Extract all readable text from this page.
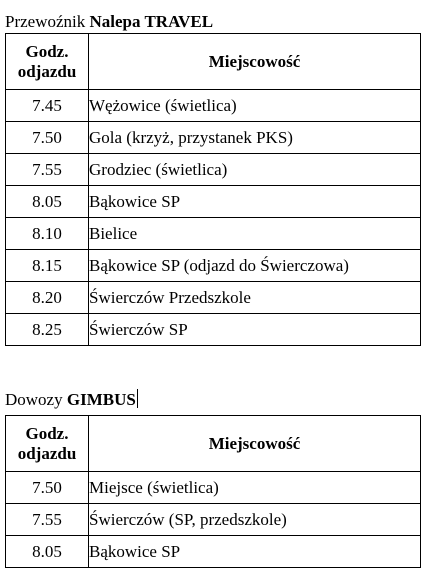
Przewoźnik Nalepa TRAVEL
Godz.
odjazdu	Miejscowość
7.45	Wężowice (świetlica)
7.50	Gola (krzyż, przystanek PKS)
7.55	Grodziec (świetlica)
8.05	Bąkowice SP
8.10	Bielice
8.15	Bąkowice SP (odjazd do Świerczowa)
8.20	Świerczów Przedszkole
8.25	Świerczów SP
Dowozy GIMBUS
Godz.
odjazdu	Miejscowość
7.50	Miejsce (świetlica)
7.55	Świerczów (SP, przedszkole)
8.05	Bąkowice SP
